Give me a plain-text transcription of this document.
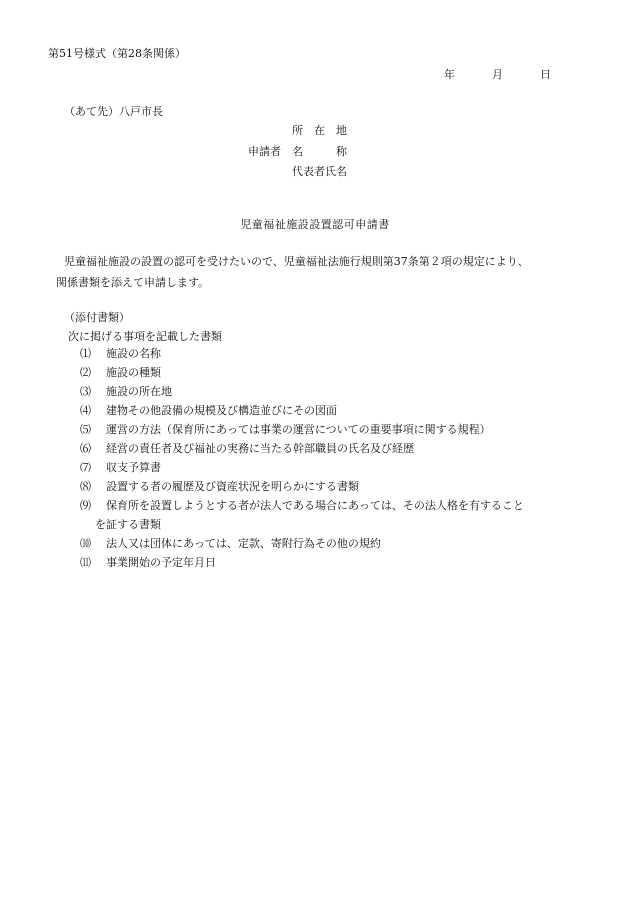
第51号様式（第28条関係）
年	月	日
（あて先）八戸市長
申請者
所　在　地
名　　　称
代表者氏名
児童福祉施設設置認可申請書
児童福祉施設の設置の認可を受けたいので、児童福祉法施行規則第37条第２項の規定により、
関係書類を添えて申請します。
（添付書類）
次に掲げる事項を記載した書類
⑴	施設の名称
⑵	施設の種類
⑶	施設の所在地
⑷	建物その他設備の規模及び構造並びにその図面
⑸	運営の方法（保育所にあっては事業の運営についての重要事項に関する規程）
⑹	経営の責任者及び福祉の実務に当たる幹部職員の氏名及び経歴
⑺	収支予算書
⑻	設置する者の履歴及び資産状況を明らかにする書類
⑼	保育所を設置しようとする者が法人である場合にあっては、その法人格を有すること
を証する書類
⑽	法人又は団体にあっては、定款、寄附行為その他の規約
⑾	事業開始の予定年月日
